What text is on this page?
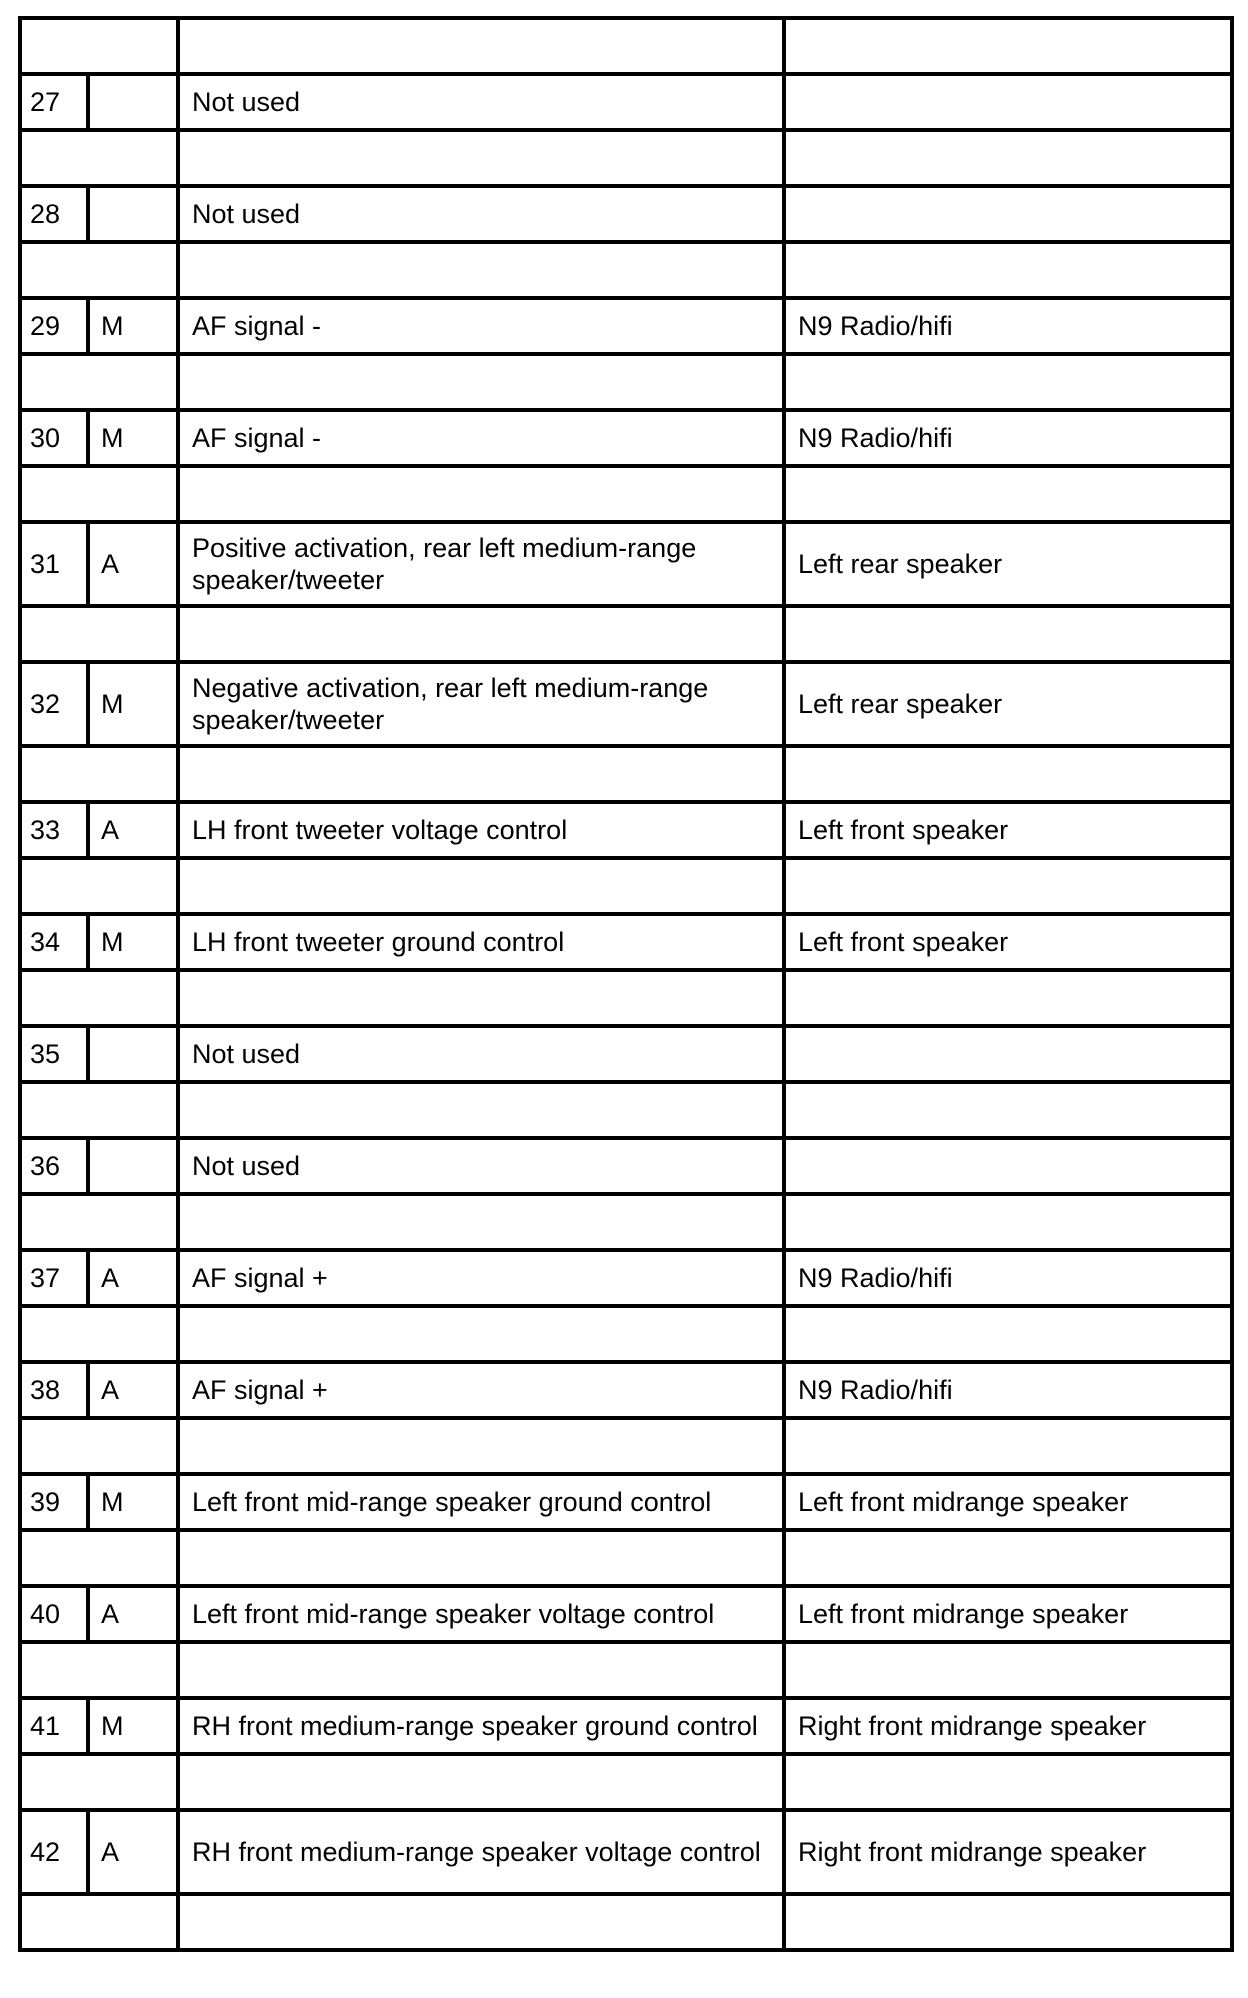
27		Not used	

28		Not used	

29	M	AF signal -	N9 Radio/hifi

30	M	AF signal -	N9 Radio/hifi

31	A	Positive activation, rear left medium-range speaker/tweeter	Left rear speaker

32	M	Negative activation, rear left medium-range speaker/tweeter	Left rear speaker

33	A	LH front tweeter voltage control	Left front speaker

34	M	LH front tweeter ground control	Left front speaker

35		Not used	

36		Not used	

37	A	AF signal +	N9 Radio/hifi

38	A	AF signal +	N9 Radio/hifi

39	M	Left front mid-range speaker ground control	Left front midrange speaker

40	A	Left front mid-range speaker voltage control	Left front midrange speaker

41	M	RH front medium-range speaker ground control	Right front midrange speaker

42	A	RH front medium-range speaker voltage control	Right front midrange speaker
